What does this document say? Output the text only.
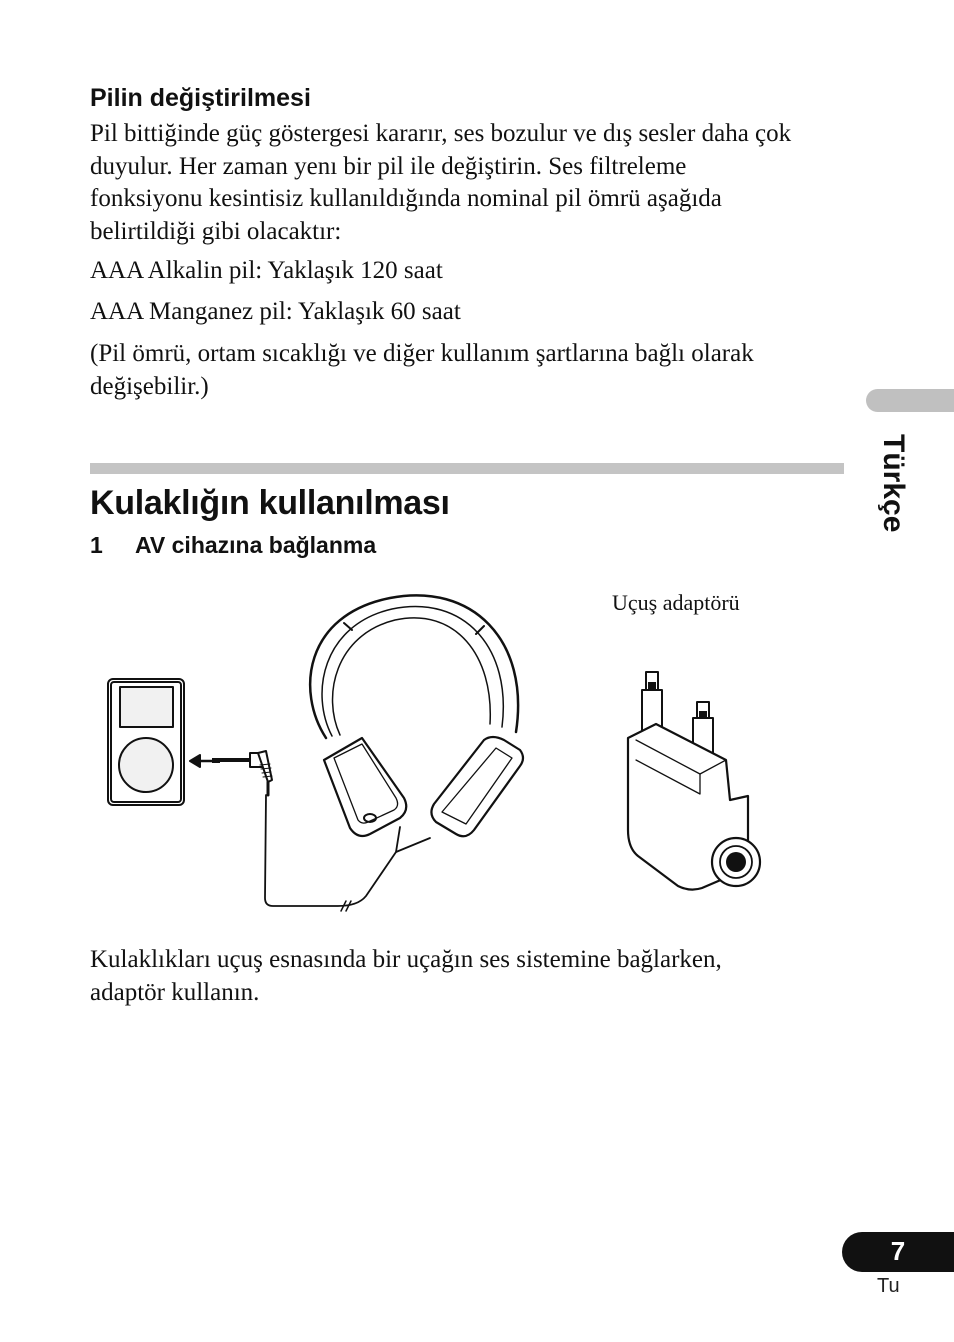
Pilin değiştirilmesi
Pil bittiğinde güç göstergesi kararır, ses bozulur ve dış sesler daha çok
duyulur. Her zaman yenı bir pil ile değiştirin. Ses filtreleme
fonksiyonu kesintisiz kullanıldığında nominal pil ömrü aşağıda
belirtildiği gibi olacaktır:
AAA Alkalin pil: Yaklaşık 120 saat
AAA Manganez pil: Yaklaşık 60 saat
(Pil ömrü, ortam sıcaklığı ve diğer kullanım şartlarına bağlı olarak
değişebilir.)
Kulaklığın kullanılması
1 AV cihazına bağlanma
Türkçe
Uçuş adaptörü
Kulaklıkları uçuş esnasında bir uçağın ses sistemine bağlarken,
adaptör kullanın.
7
Tu
